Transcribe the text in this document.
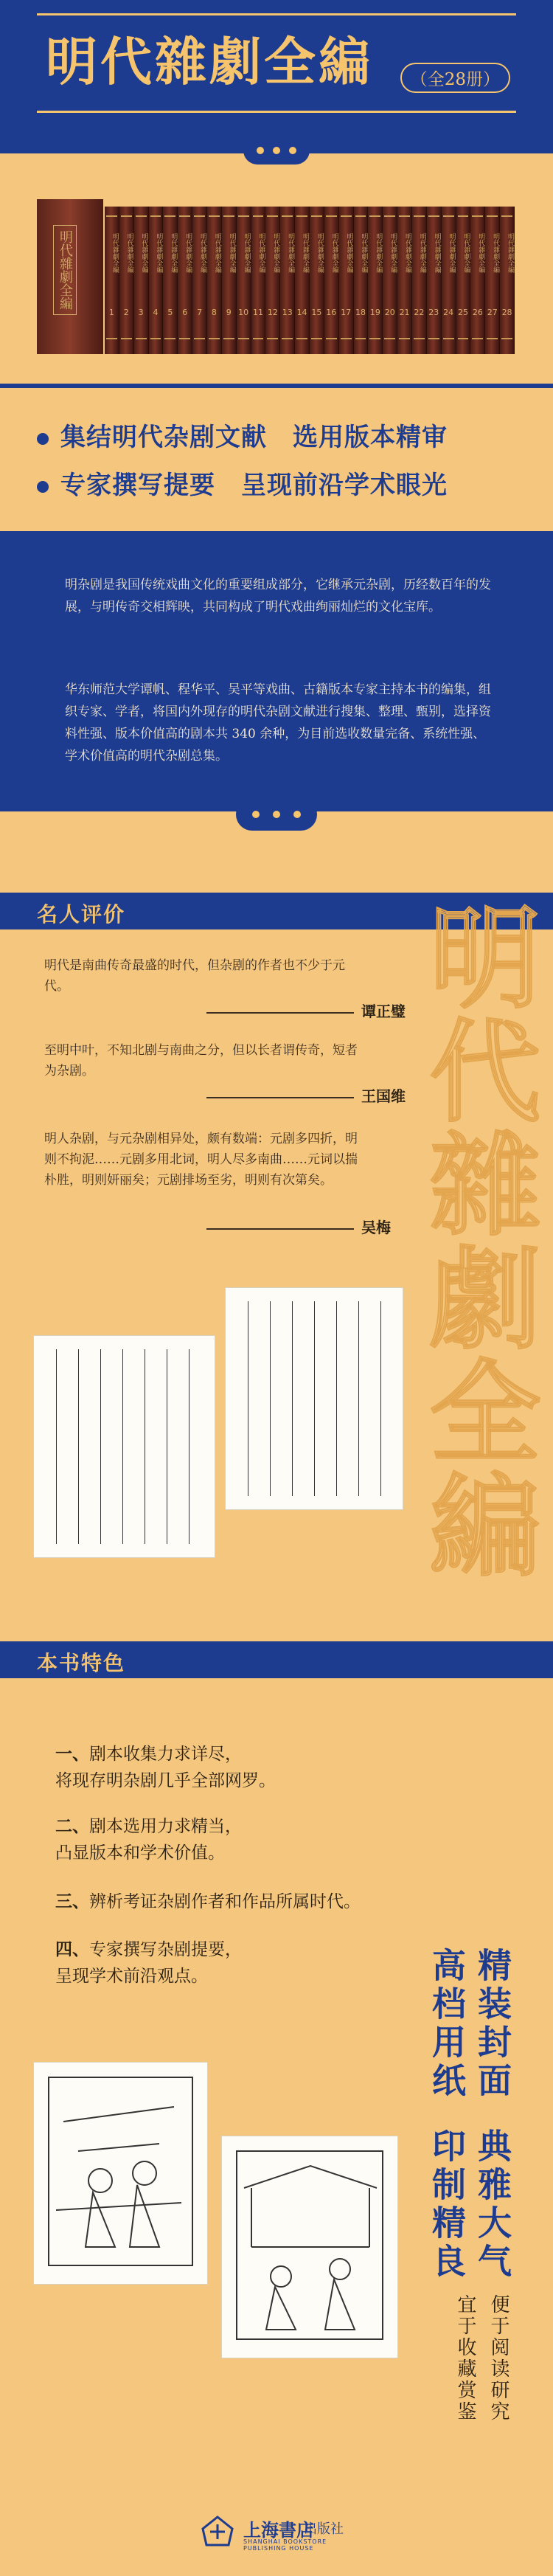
明代雜劇全編	（全28册）
明代雜劇全編	明代雜劇全編
1
明代雜劇全編
2
明代雜劇全編
3
明代雜劇全編
4
明代雜劇全編
5
明代雜劇全編
6
明代雜劇全編
7
明代雜劇全編
8
明代雜劇全編
9
明代雜劇全編
10
明代雜劇全編
11
明代雜劇全編
12
明代雜劇全編
13
明代雜劇全編
14
明代雜劇全編
15
明代雜劇全編
16
明代雜劇全編
17
明代雜劇全編
18
明代雜劇全編
19
明代雜劇全編
20
明代雜劇全編
21
明代雜劇全編
22
明代雜劇全編
23
明代雜劇全編
24
明代雜劇全編
25
明代雜劇全編
26
明代雜劇全編
27
明代雜劇全編
28
集结明代杂剧文献　选用版本精审
专家撰写提要　呈现前沿学术眼光

明杂剧是我国传统戏曲文化的重要组成部分，它继承元杂剧，历经数百年的发展，与明传奇交相辉映，共同构成了明代戏曲绚丽灿烂的文化宝库。

华东师范大学谭帆、程华平、吴平等戏曲、古籍版本专家主持本书的编集，组织专家、学者，将国内外现存的明代杂剧文献进行搜集、整理、甄别，选择资料性强、版本价值高的剧本共 340 余种，为目前选收数量完备、系统性强、学术价值高的明代杂剧总集。

名人评价	明代雜劇全編
明代是南曲传奇最盛的时代，但杂剧的作者也不少于元代。
谭正璧
至明中叶，不知北剧与南曲之分，但以长者谓传奇，短者为杂剧。
王国维
明人杂剧，与元杂剧相异处，颇有数端：元剧多四折，明则不拘泥……元剧多用北词，明人尽多南曲……元词以揣朴胜，明则妍丽矣；元剧排场至劣，明则有次第矣。
吴梅
本书特色
一、剧本收集力求详尽，
将现存明杂剧几乎全部网罗。
二、剧本选用力求精当，
凸显版本和学术价值。
三、辨析考证杂剧作者和作品所属时代。
四、专家撰写杂剧提要，
呈现学术前沿观点。	精装封面
高档用纸
典雅大气
印制精良
便于阅读研究
宜于收藏赏鉴
上海書店
出版社
SHANGHAI BOOKSTORE PUBLISHING HOUSE
